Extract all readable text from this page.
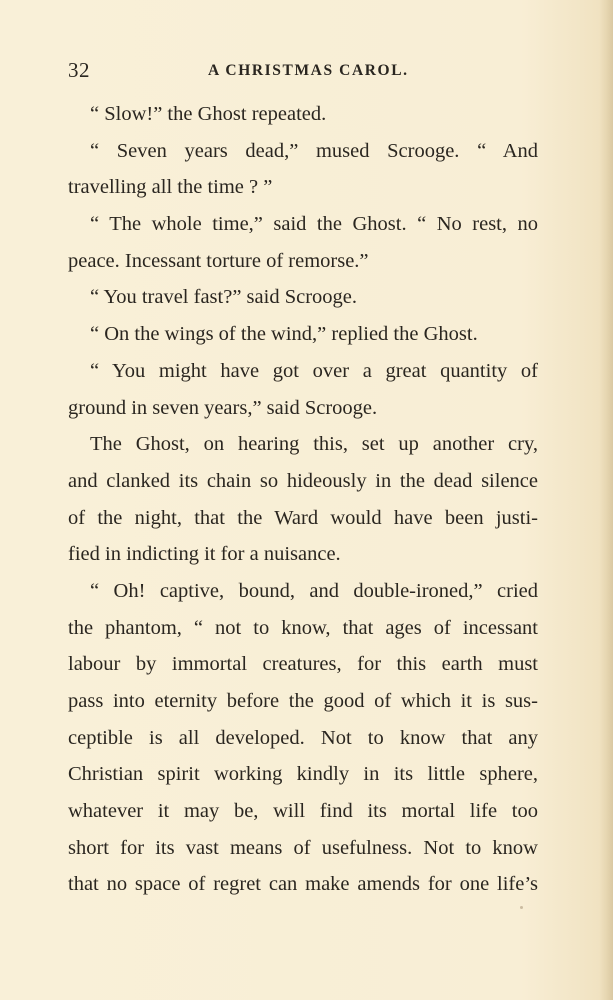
32	A CHRISTMAS CAROL.
“ Slow!” the Ghost repeated.
“ Seven years dead,” mused Scrooge. “ And
travelling all the time ? ”
“ The whole time,” said the Ghost. “ No rest, no
peace. Incessant torture of remorse.”
“ You travel fast?” said Scrooge.
“ On the wings of the wind,” replied the Ghost.
“ You might have got over a great quantity of
ground in seven years,” said Scrooge.
The Ghost, on hearing this, set up another cry,
and clanked its chain so hideously in the dead silence
of the night, that the Ward would have been justi-
fied in indicting it for a nuisance.
“ Oh! captive, bound, and double-ironed,” cried
the phantom, “ not to know, that ages of incessant
labour by immortal creatures, for this earth must
pass into eternity before the good of which it is sus-
ceptible is all developed. Not to know that any
Christian spirit working kindly in its little sphere,
whatever it may be, will find its mortal life too
short for its vast means of usefulness. Not to know
that no space of regret can make amends for one life’s
